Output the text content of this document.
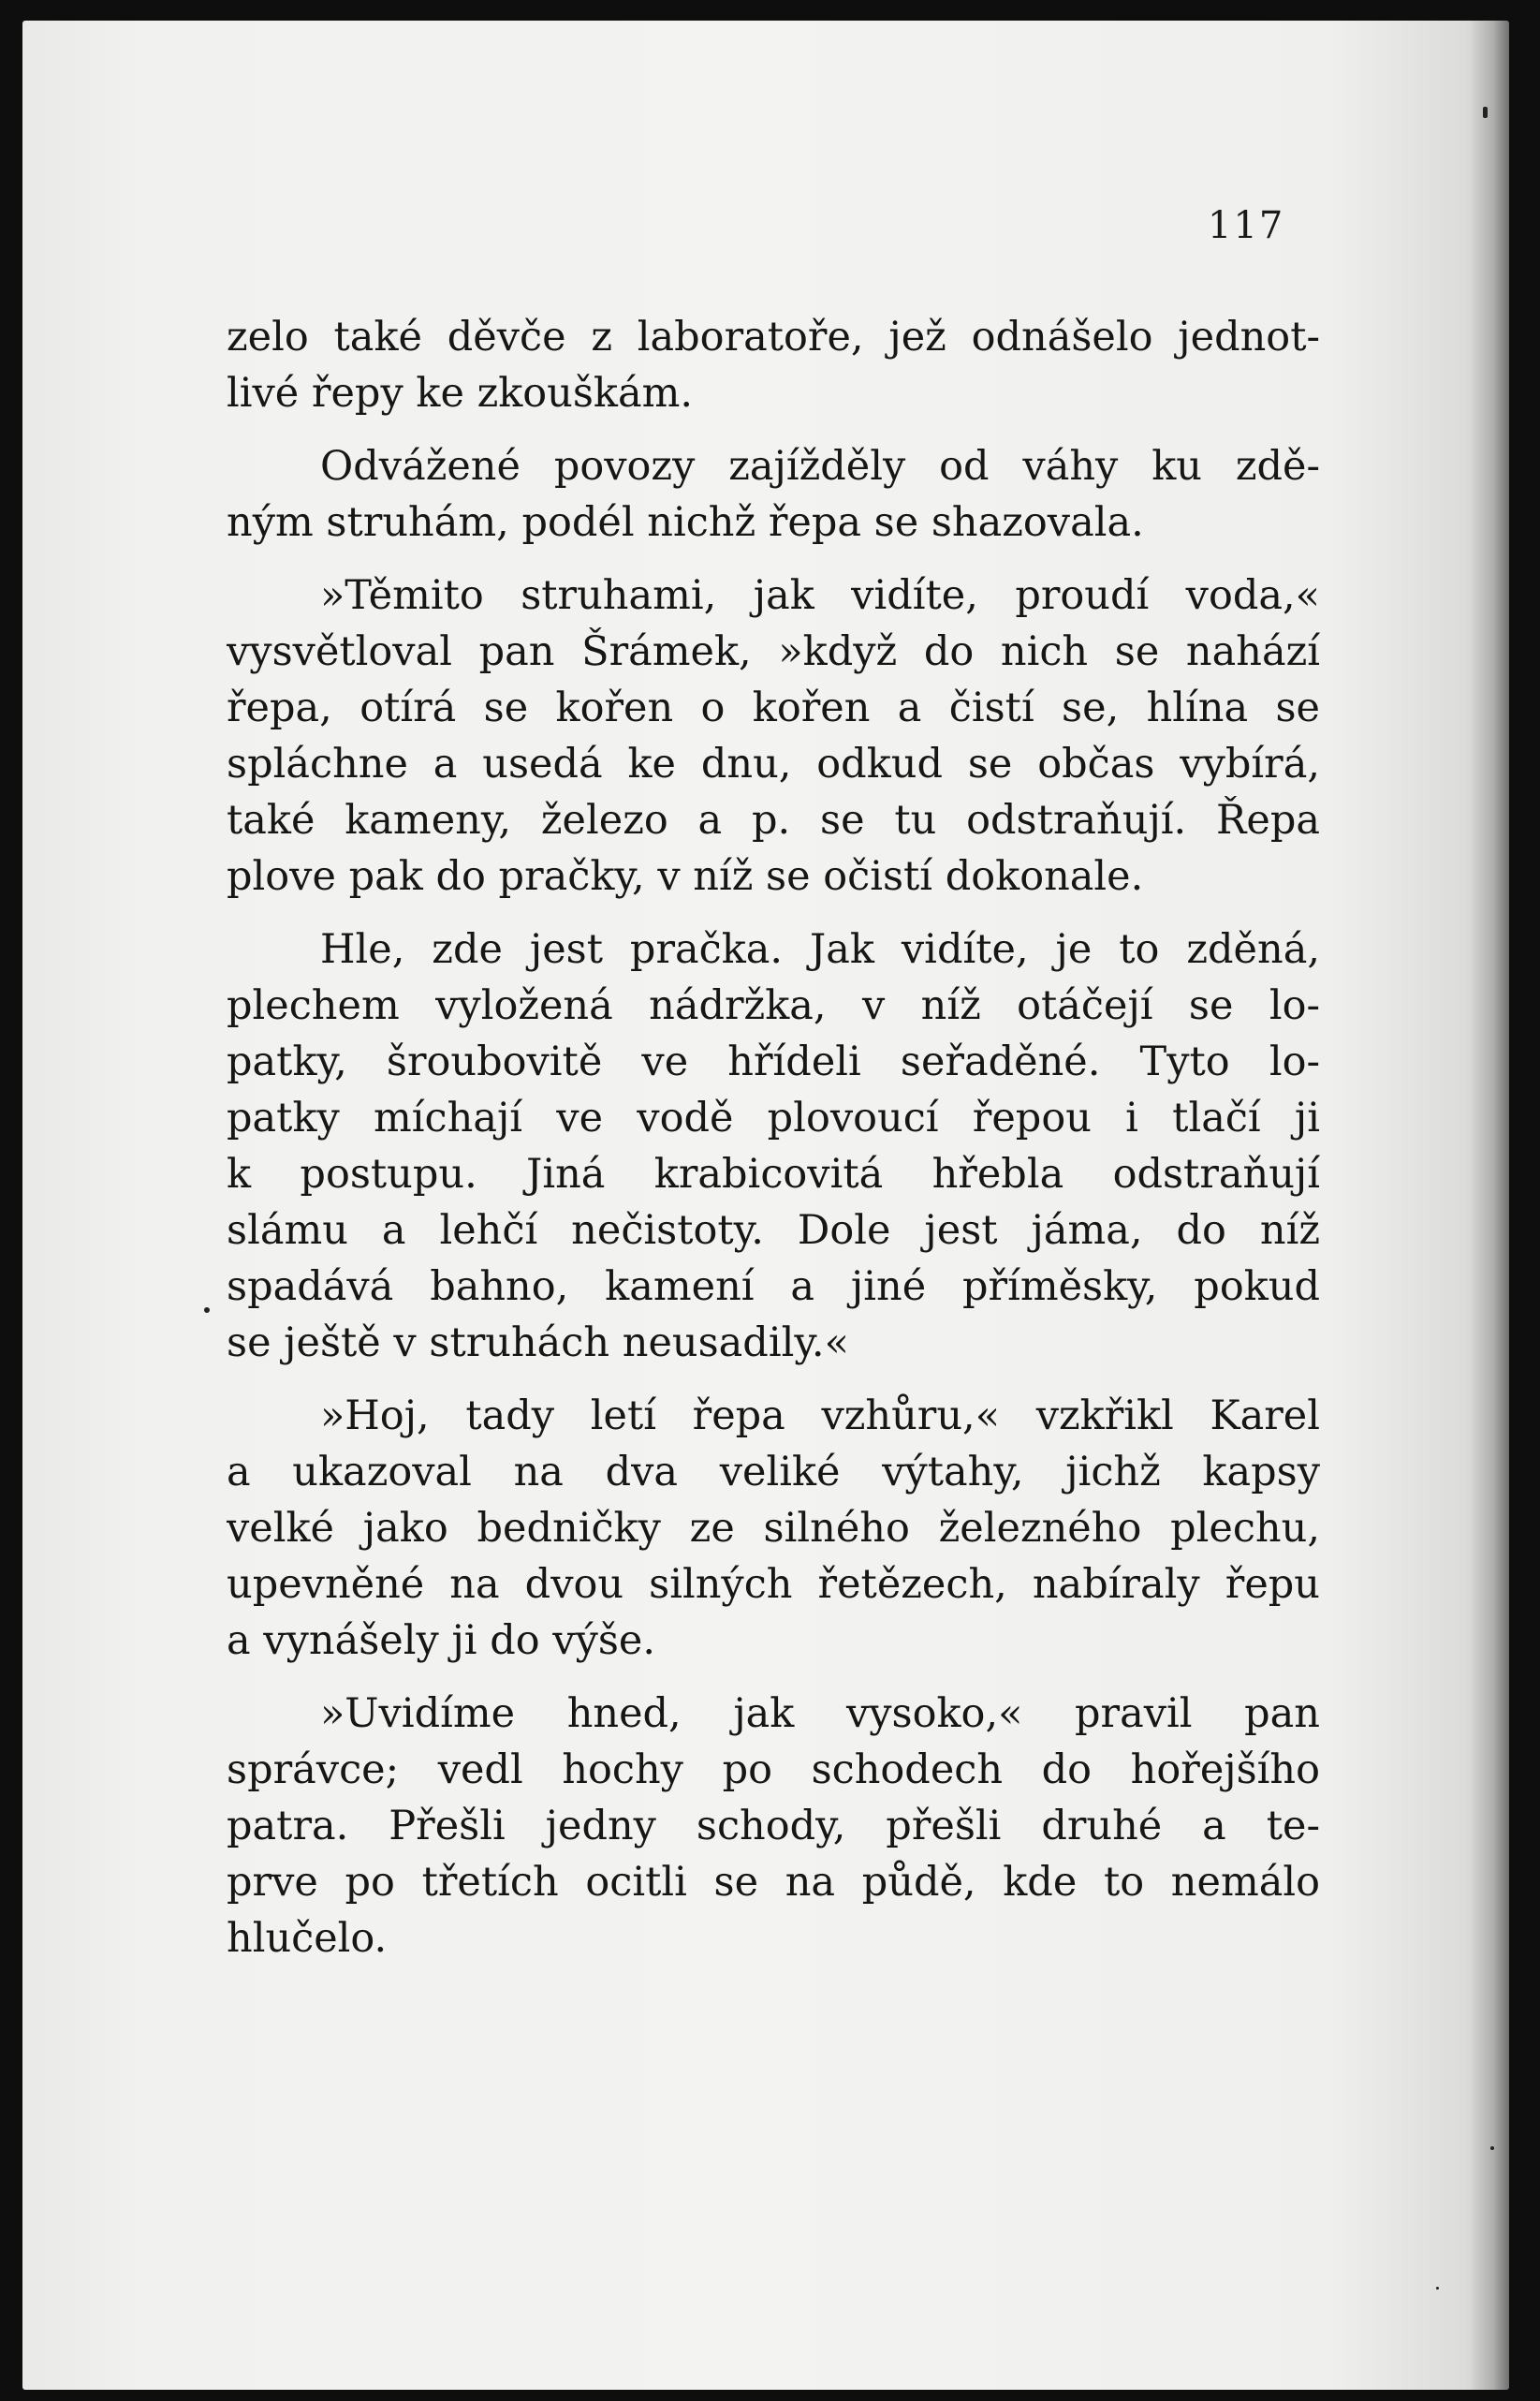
117
zelo také děvče z laboratoře, jež odnášelo jednot-
livé řepy ke zkouškám.
Odvážené povozy zajížděly od váhy ku zdě-
ným struhám, podél nichž řepa se shazovala.
»Těmito struhami, jak vidíte, proudí voda,«
vysvětloval pan Šrámek, »když do nich se nahází
řepa, otírá se kořen o kořen a čistí se, hlína se
spláchne a usedá ke dnu, odkud se občas vybírá,
také kameny, železo a p. se tu odstraňují. Řepa
plove pak do pračky, v níž se očistí dokonale.
Hle, zde jest pračka. Jak vidíte, je to zděná,
plechem vyložená nádržka, v níž otáčejí se lo-
patky, šroubovitě ve hřídeli seřaděné. Tyto lo-
patky míchají ve vodě plovoucí řepou i tlačí ji
k postupu. Jiná krabicovitá hřebla odstraňují
slámu a lehčí nečistoty. Dole jest jáma, do níž
spadává bahno, kamení a jiné příměsky, pokud
se ještě v struhách neusadily.«
»Hoj, tady letí řepa vzhůru,« vzkřikl Karel
a ukazoval na dva veliké výtahy, jichž kapsy
velké jako bedničky ze silného železného plechu,
upevněné na dvou silných řetězech, nabíraly řepu
a vynášely ji do výše.
»Uvidíme hned, jak vysoko,« pravil pan
správce; vedl hochy po schodech do hořejšího
patra. Přešli jedny schody, přešli druhé a te-
prve po třetích ocitli se na půdě, kde to nemálo
hlučelo.
